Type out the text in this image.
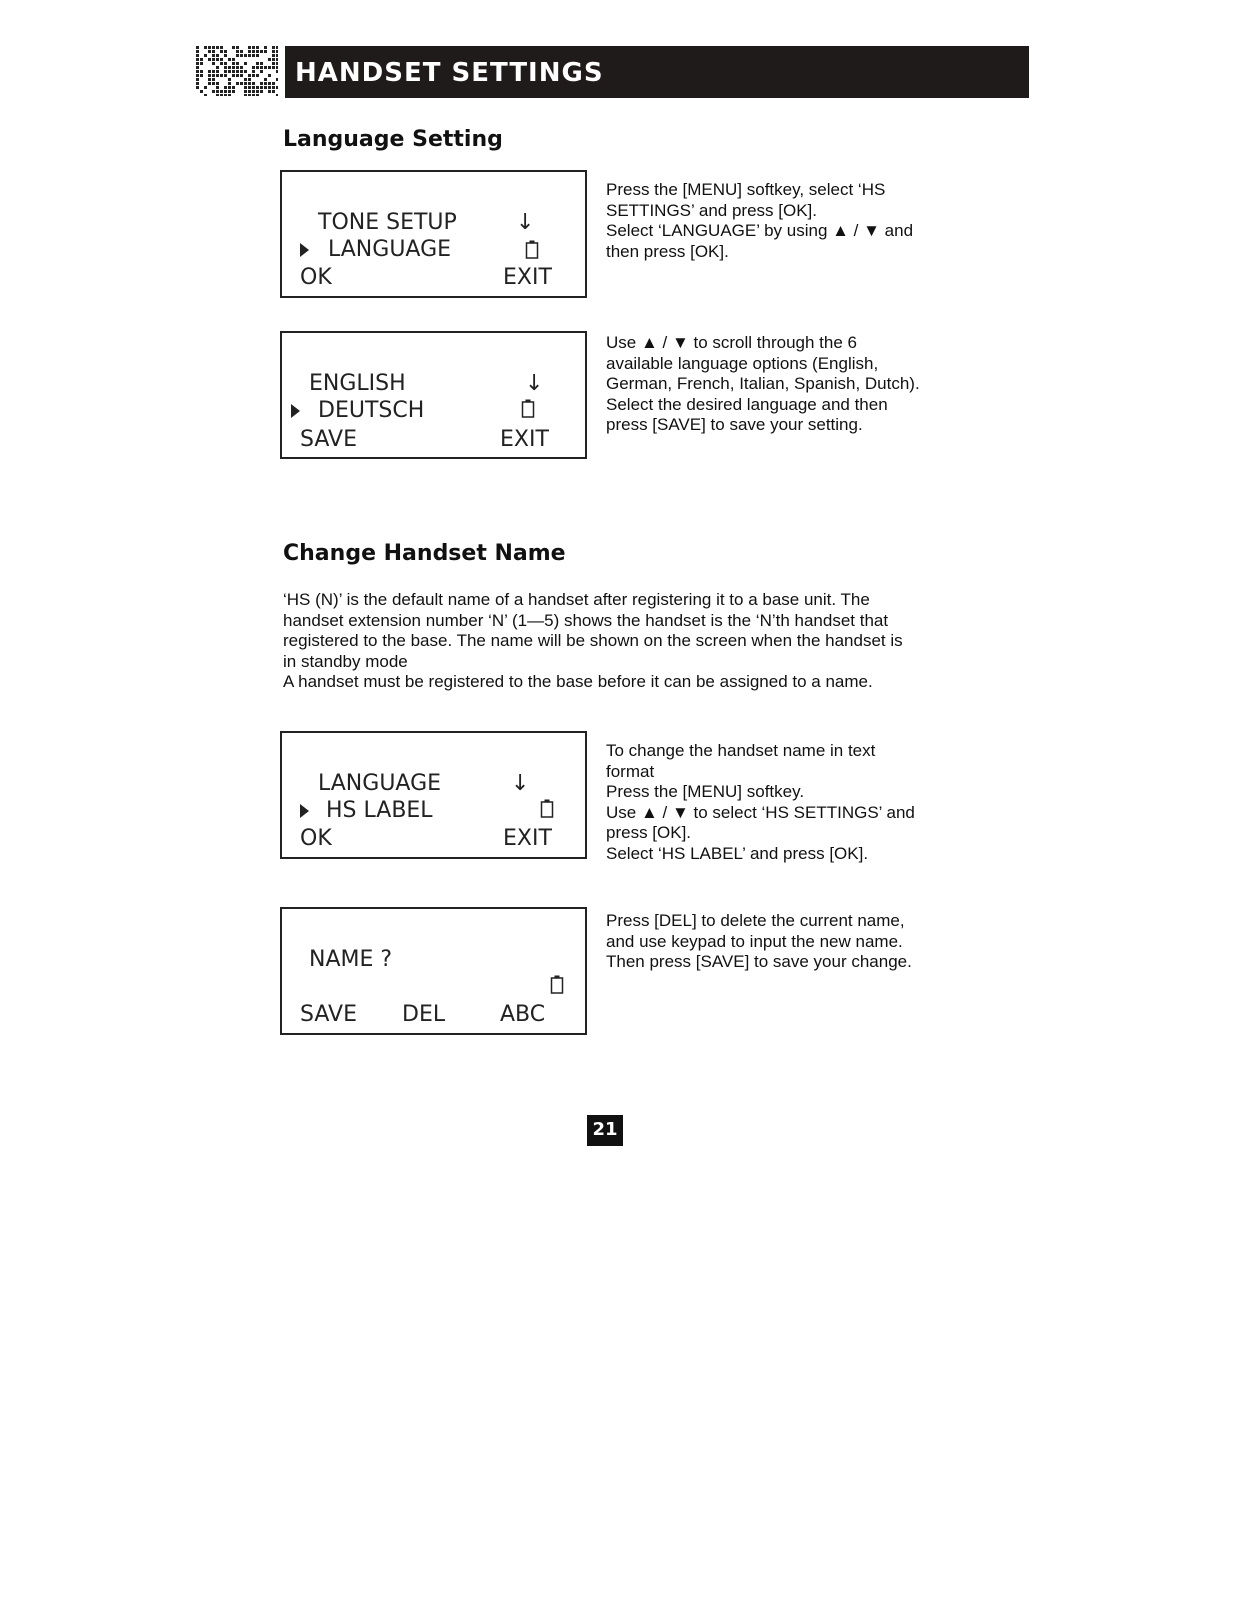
HANDSET SETTINGS
Language Setting
TONE SETUP	↓
LANGUAGE
OK	EXIT

Press the [MENU] softkey, select ‘HS

SETTINGS’ and press [OK].

Select ‘LANGUAGE’ by using ▲ / ▼ and

then press [OK].

ENGLISH	↓
DEUTSCH
SAVE	EXIT

Use ▲ / ▼ to scroll through the 6

available language options (English,

German, French, Italian, Spanish, Dutch).

Select the desired language and then

press [SAVE] to save your setting.

Change Handset Name

‘HS (N)’ is the default name of a handset after registering it to a base unit. The

handset extension number ‘N’ (1—5) shows the handset is the ‘N’th handset that

registered to the base. The name will be shown on the screen when the handset is

in standby mode

A handset must be registered to the base before it can be assigned to a name.

LANGUAGE	↓
HS LABEL
OK	EXIT

To change the handset name in text

format

Press the [MENU] softkey.

Use ▲ / ▼ to select ‘HS SETTINGS’ and

press [OK].

Select ‘HS LABEL’ and press [OK].

NAME ?
SAVE DEL ABC

Press [DEL] to delete the current name,

and use keypad to input the new name.

Then press [SAVE] to save your change.

21
